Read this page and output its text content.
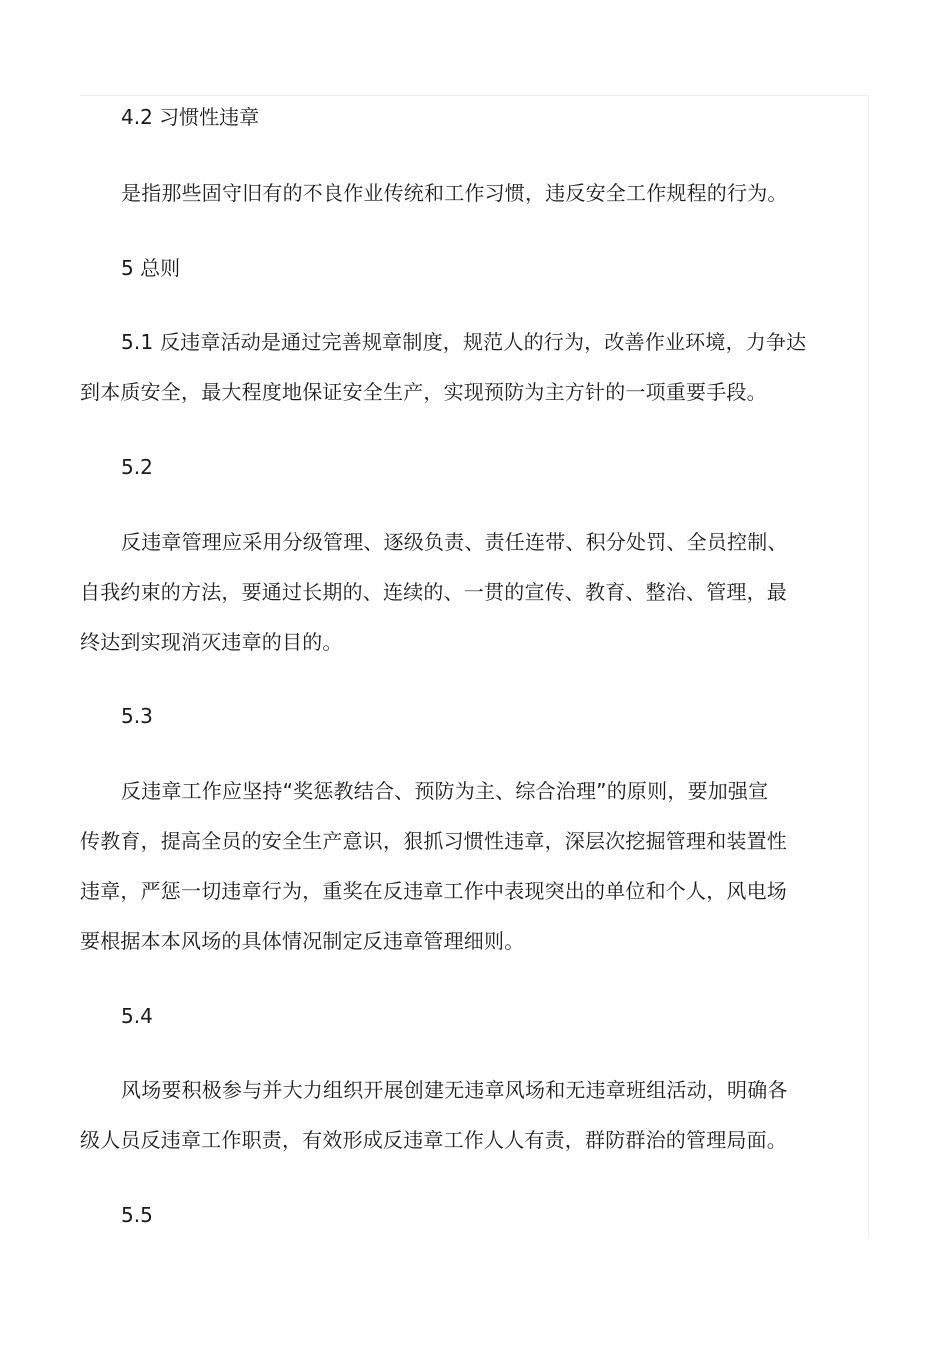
4.2 习惯性违章

是指那些固守旧有的不良作业传统和工作习惯，违反安全工作规程的行为。

5 总则

5.1 反违章活动是通过完善规章制度，规范人的行为，改善作业环境，力争达
到本质安全，最大程度地保证安全生产，实现预防为主方针的一项重要手段。

5.2

反违章管理应采用分级管理、逐级负责、责任连带、积分处罚、全员控制、
自我约束的方法，要通过长期的、连续的、一贯的宣传、教育、整治、管理，最
终达到实现消灭违章的目的。

5.3

反违章工作应坚持“奖惩教结合、预防为主、综合治理”的原则，要加强宣
传教育，提高全员的安全生产意识，狠抓习惯性违章，深层次挖掘管理和装置性
违章，严惩一切违章行为，重奖在反违章工作中表现突出的单位和个人，风电场
要根据本本风场的具体情况制定反违章管理细则。

5.4

风场要积极参与并大力组织开展创建无违章风场和无违章班组活动，明确各
级人员反违章工作职责，有效形成反违章工作人人有责，群防群治的管理局面。

5.5
